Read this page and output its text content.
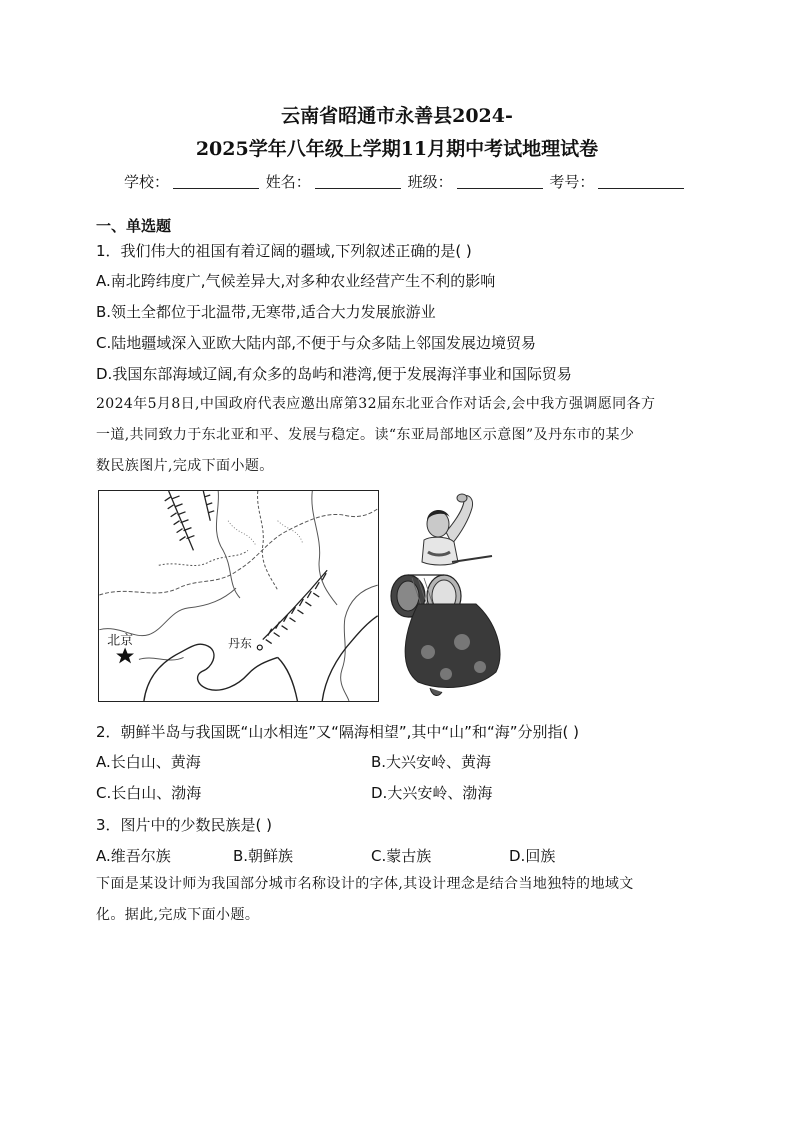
云南省昭通市永善县2024-
2025学年八年级上学期11月期中考试地理试卷
学校：	姓名：	班级：	考号：
一、单选题
1．我们伟大的祖国有着辽阔的疆域,下列叙述正确的是( )
A.南北跨纬度广,气候差异大,对多种农业经营产生不利的影响
B.领土全都位于北温带,无寒带,适合大力发展旅游业
C.陆地疆域深入亚欧大陆内部,不便于与众多陆上邻国发展边境贸易
D.我国东部海域辽阔,有众多的岛屿和港湾,便于发展海洋事业和国际贸易
2024年5月8日,中国政府代表应邀出席第32届东北亚合作对话会,会中我方强调愿同各方
一道,共同致力于东北亚和平、发展与稳定。读“东亚局部地区示意图”及丹东市的某少
数民族图片,完成下面小题。
北京	丹东
2．朝鲜半岛与我国既“山水相连”又“隔海相望”,其中“山”和“海”分别指( )
A.长白山、黄海	B.大兴安岭、黄海
C.长白山、渤海	D.大兴安岭、渤海
3．图片中的少数民族是( )
A.维吾尔族	B.朝鲜族	C.蒙古族	D.回族
下面是某设计师为我国部分城市名称设计的字体,其设计理念是结合当地独特的地域文
化。据此,完成下面小题。
